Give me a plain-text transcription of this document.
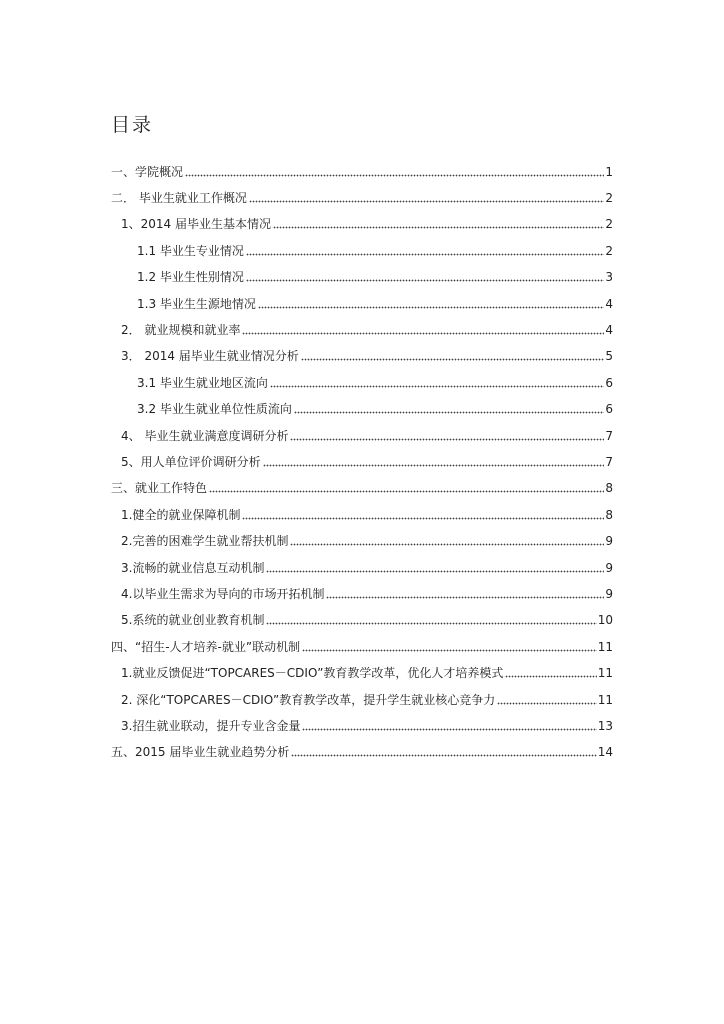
目录
一、学院概况	1
二． 毕业生就业工作概况	2
1、2014 届毕业生基本情况	2
1.1 毕业生专业情况	2
1.2 毕业生性别情况	3
1.3 毕业生生源地情况	4
2． 就业规模和就业率	4
3． 2014 届毕业生就业情况分析	5
3.1 毕业生就业地区流向	6
3.2 毕业生就业单位性质流向	6
4、 毕业生就业满意度调研分析	7
5、用人单位评价调研分析	7
三、就业工作特色	8
1.健全的就业保障机制	8
2.完善的困难学生就业帮扶机制	9
3.流畅的就业信息互动机制	9
4.以毕业生需求为导向的市场开拓机制	9
5.系统的就业创业教育机制	10
四、“招生-人才培养-就业”联动机制	11
1.就业反馈促进“TOPCARES－CDIO”教育教学改革，优化人才培养模式	11
2. 深化“TOPCARES－CDIO”教育教学改革，提升学生就业核心竞争力	11
3.招生就业联动，提升专业含金量	13
五、2015 届毕业生就业趋势分析	14
